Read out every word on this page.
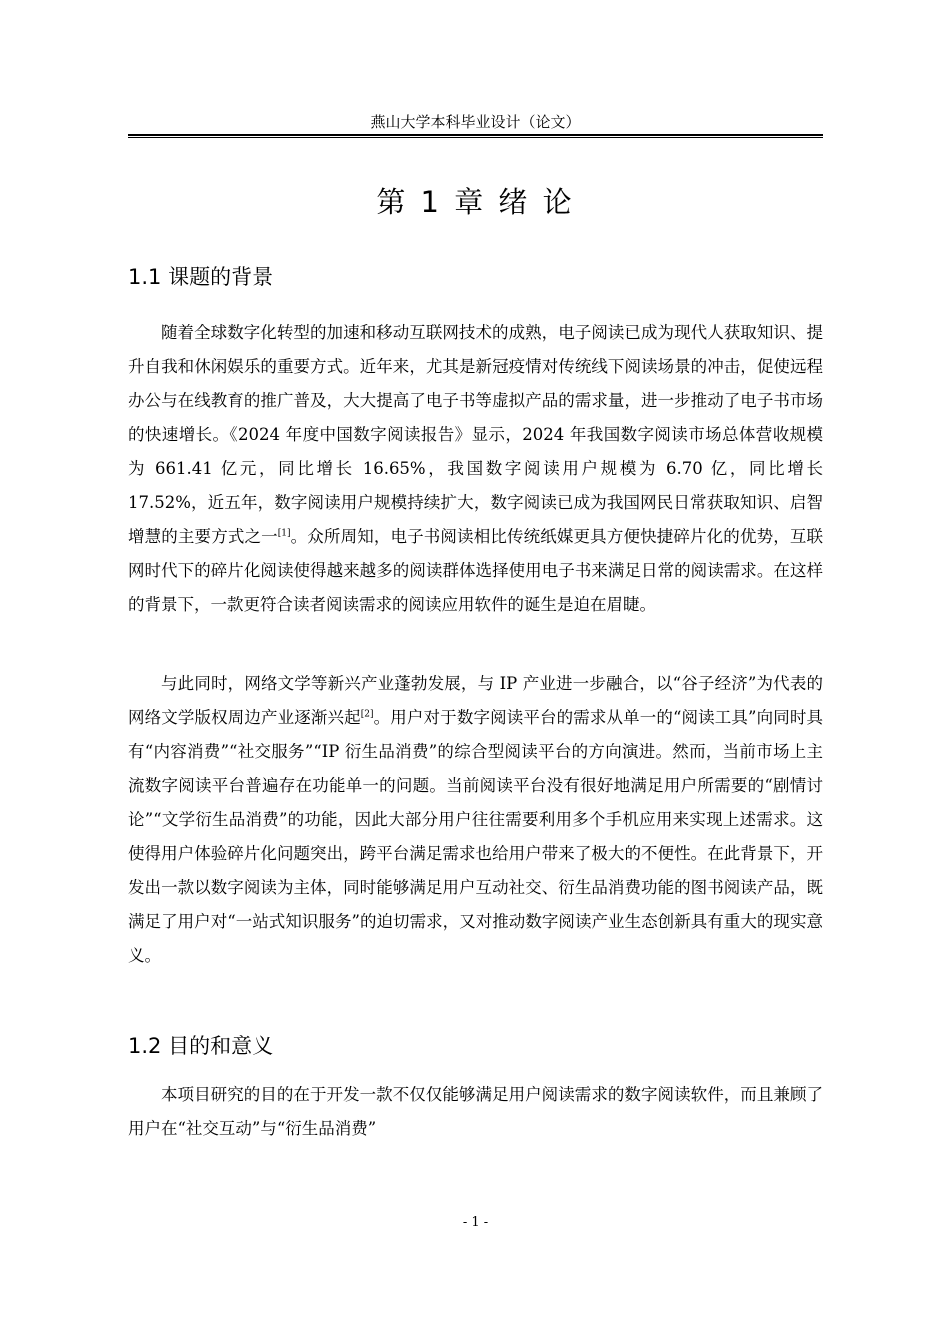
燕山大学本科毕业设计（论文）
第 1 章 绪 论
1.1 课题的背景

随着全球数字化转型的加速和移动互联网技术的成熟，电子阅读已成为现代人获取知识、提升自我和休闲娱乐的重要方式。近年来，尤其是新冠疫情对传统线下阅读场景的冲击，促使远程办公与在线教育的推广普及，大大提高了电子书等虚拟产品的需求量，进一步推动了电子书市场的快速增长。《2024 年度中国数字阅读报告》显示，2024 年我国数字阅读市场总体营收规模为 661.41 亿元，同比增长 16.65%，我国数字阅读用户规模为 6.70 亿，同比增长 17.52%，近五年，数字阅读用户规模持续扩大，数字阅读已成为我国网民日常获取知识、启智增慧的主要方式之一[1]。众所周知，电子书阅读相比传统纸媒更具方便快捷碎片化的优势，互联网时代下的碎片化阅读使得越来越多的阅读群体选择使用电子书来满足日常的阅读需求。在这样的背景下，一款更符合读者阅读需求的阅读应用软件的诞生是迫在眉睫。

与此同时，网络文学等新兴产业蓬勃发展，与 IP 产业进一步融合，以“谷子经济”为代表的网络文学版权周边产业逐渐兴起[2]。用户对于数字阅读平台的需求从单一的“阅读工具”向同时具有“内容消费”“社交服务”“IP 衍生品消费”的综合型阅读平台的方向演进。然而，当前市场上主流数字阅读平台普遍存在功能单一的问题。当前阅读平台没有很好地满足用户所需要的“剧情讨论”“文学衍生品消费”的功能，因此大部分用户往往需要利用多个手机应用来实现上述需求。这使得用户体验碎片化问题突出，跨平台满足需求也给用户带来了极大的不便性。在此背景下，开发出一款以数字阅读为主体，同时能够满足用户互动社交、衍生品消费功能的图书阅读产品，既满足了用户对“一站式知识服务”的迫切需求，又对推动数字阅读产业生态创新具有重大的现实意义。

1.2 目的和意义

本项目研究的目的在于开发一款不仅仅能够满足用户阅读需求的数字阅读软件，而且兼顾了用户在“社交互动”与“衍生品消费”

- 1 -
